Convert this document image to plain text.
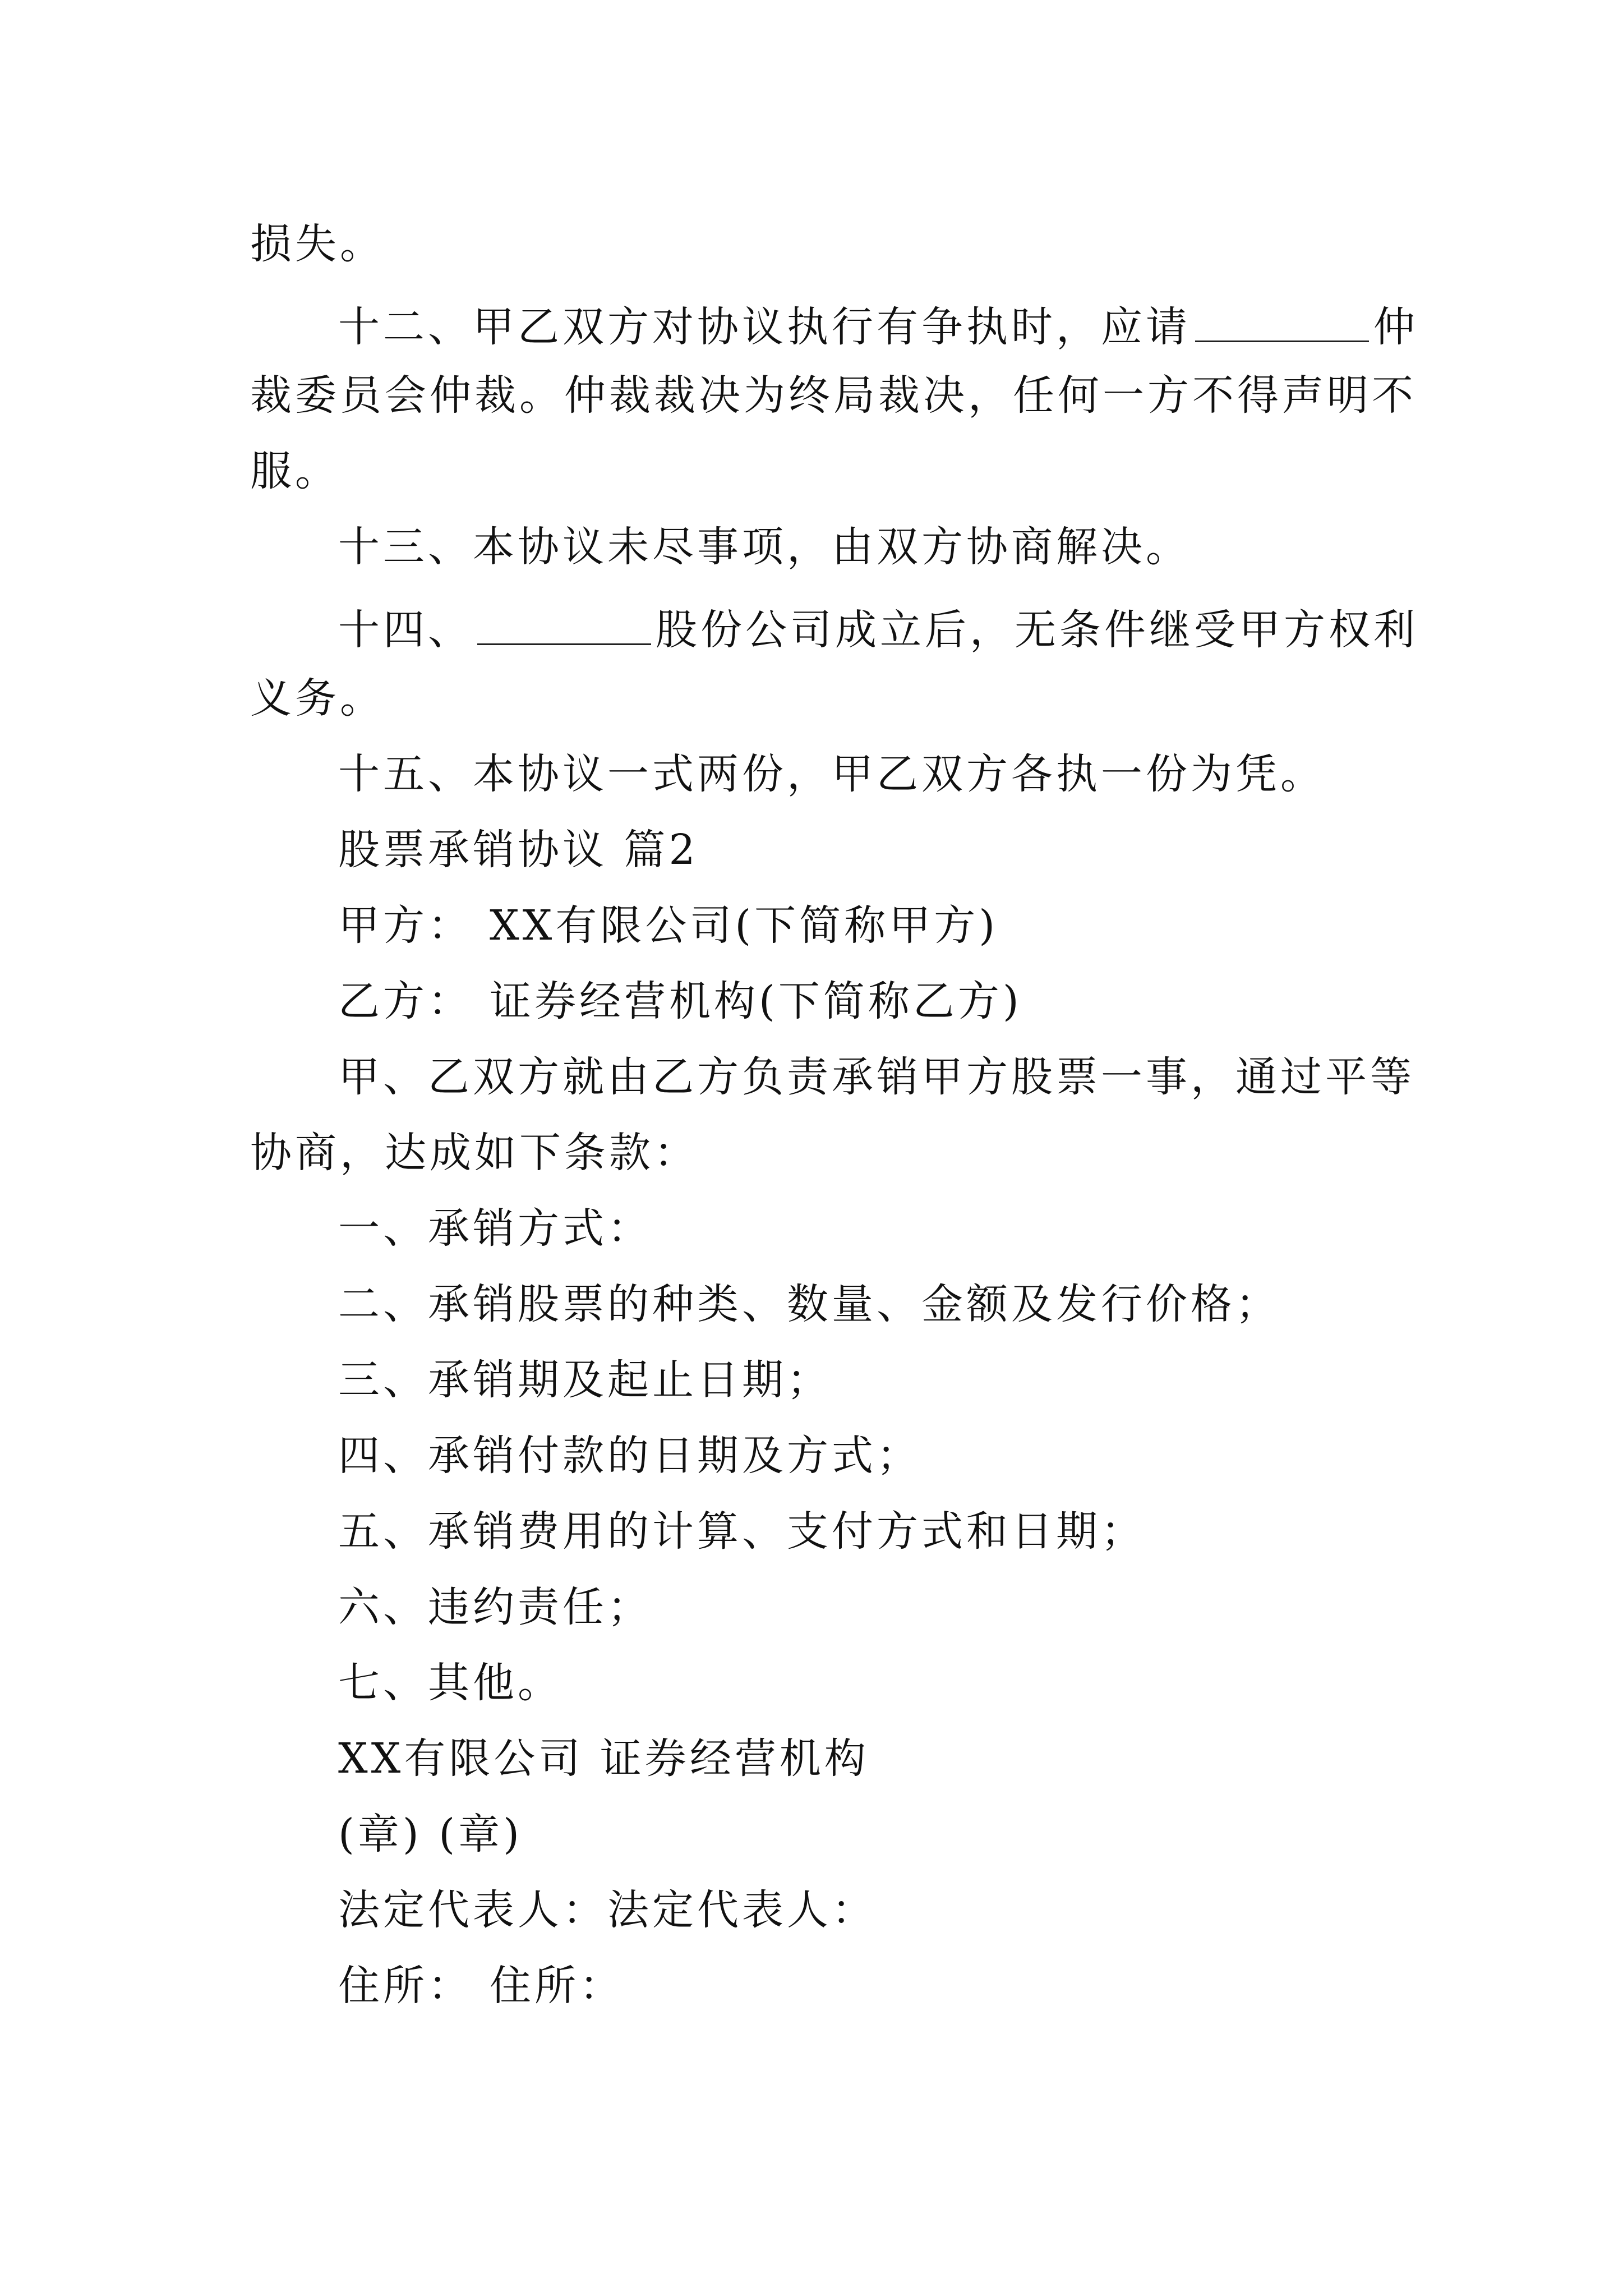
损失。
十二、甲乙双方对协议执行有争执时，应请	仲
裁委员会仲裁。仲裁裁决为终局裁决，任何一方不得声明不
服。
十三、本协议未尽事项，由双方协商解决。
十四、	股份公司成立后，无条件继受甲方权利
义务。
十五、本协议一式两份，甲乙双方各执一份为凭。
股票承销协议 篇2
甲方： XX有限公司(下简称甲方)
乙方： 证券经营机构(下简称乙方)
甲、乙双方就由乙方负责承销甲方股票一事，通过平等
协商，达成如下条款：
一、承销方式：
二、承销股票的种类、数量、金额及发行价格；
三、承销期及起止日期；
四、承销付款的日期及方式；
五、承销费用的计算、支付方式和日期；
六、违约责任；
七、其他。
XX有限公司 证券经营机构
(章) (章)
法定代表人：法定代表人：
住所： 住所：
